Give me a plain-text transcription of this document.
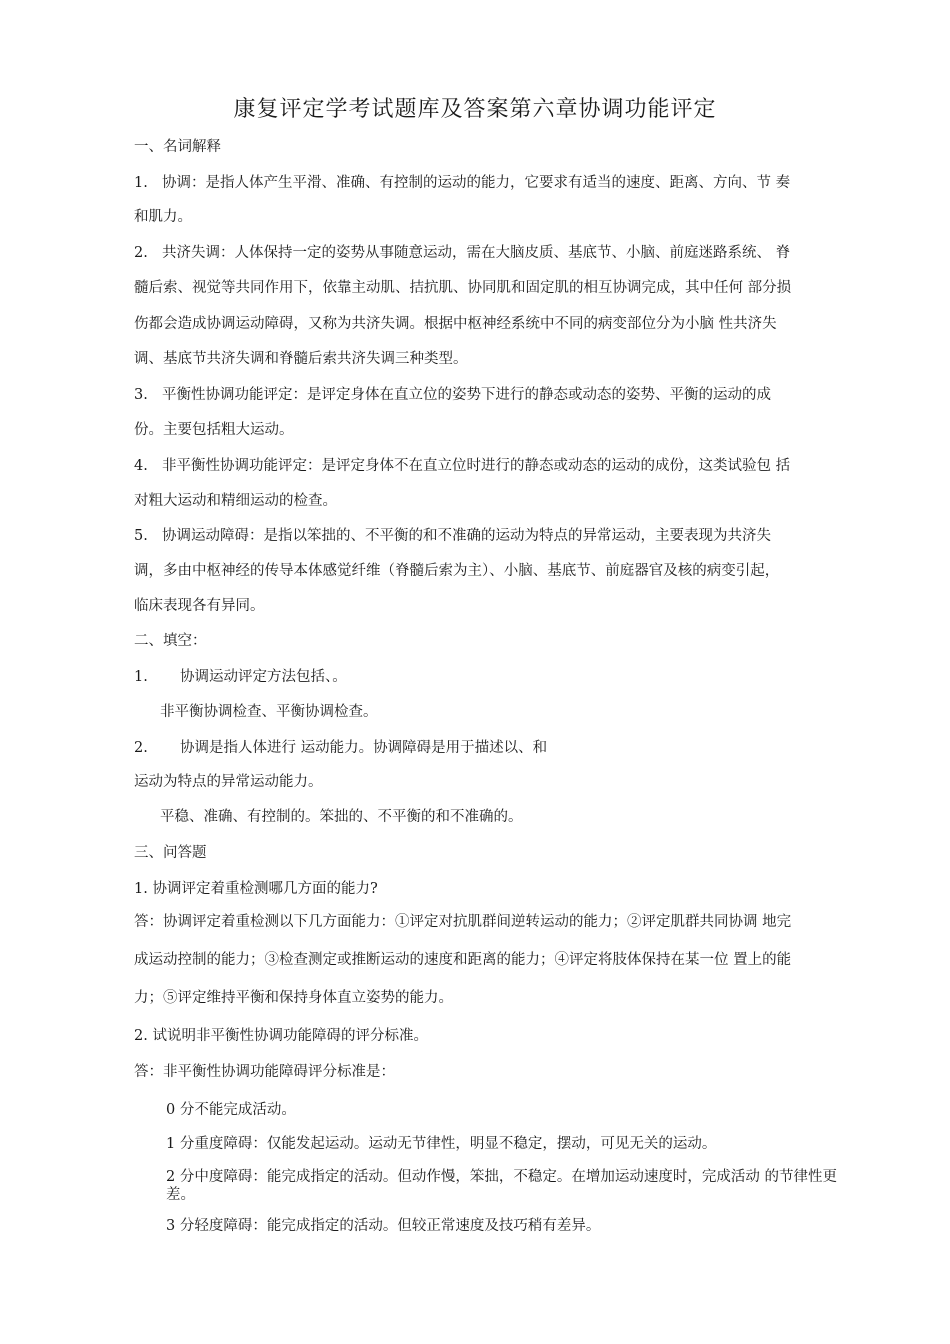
康复评定学考试题库及答案第六章协调功能评定
一、名词解释
1. 协调：是指人体产生平滑、准确、有控制的运动的能力，它要求有适当的速度、距离、方向、节 奏
和肌力。
2. 共济失调：人体保持一定的姿势从事随意运动，需在大脑皮质、基底节、小脑、前庭迷路系统、 脊
髓后索、视觉等共同作用下，依靠主动肌、拮抗肌、协同肌和固定肌的相互协调完成，其中任何 部分损
伤都会造成协调运动障碍，又称为共济失调。根据中枢神经系统中不同的病变部位分为小脑 性共济失
调、基底节共济失调和脊髓后索共济失调三种类型。
3. 平衡性协调功能评定：是评定身体在直立位的姿势下进行的静态或动态的姿势、平衡的运动的成
份。主要包括粗大运动。
4. 非平衡性协调功能评定：是评定身体不在直立位时进行的静态或动态的运动的成份，这类试验包 括
对粗大运动和精细运动的检查。
5. 协调运动障碍：是指以笨拙的、不平衡的和不准确的运动为特点的异常运动，主要表现为共济失
调，多由中枢神经的传导本体感觉纤维（脊髓后索为主）、小脑、基底节、前庭器官及核的病变引起，
临床表现各有异同。
二、填空：
1. 协调运动评定方法包括、。
非平衡协调检查、平衡协调检查。
2. 协调是指人体进行 运动能力。协调障碍是用于描述以、和
运动为特点的异常运动能力。
平稳、准确、有控制的。笨拙的、不平衡的和不准确的。
三、问答题
1. 协调评定着重检测哪几方面的能力?
答：协调评定着重检测以下几方面能力：①评定对抗肌群间逆转运动的能力；②评定肌群共同协调 地完
成运动控制的能力；③检查测定或推断运动的速度和距离的能力；④评定将肢体保持在某一位 置上的能
力；⑤评定维持平衡和保持身体直立姿势的能力。
2. 试说明非平衡性协调功能障碍的评分标准。
答：非平衡性协调功能障碍评分标准是：
0 分不能完成活动。
1 分重度障碍：仅能发起运动。运动无节律性，明显不稳定，摆动，可见无关的运动。
2 分中度障碍：能完成指定的活动。但动作慢，笨拙，不稳定。在增加运动速度时，完成活动 的节律性更差。
3 分轻度障碍：能完成指定的活动。但较正常速度及技巧稍有差异。
